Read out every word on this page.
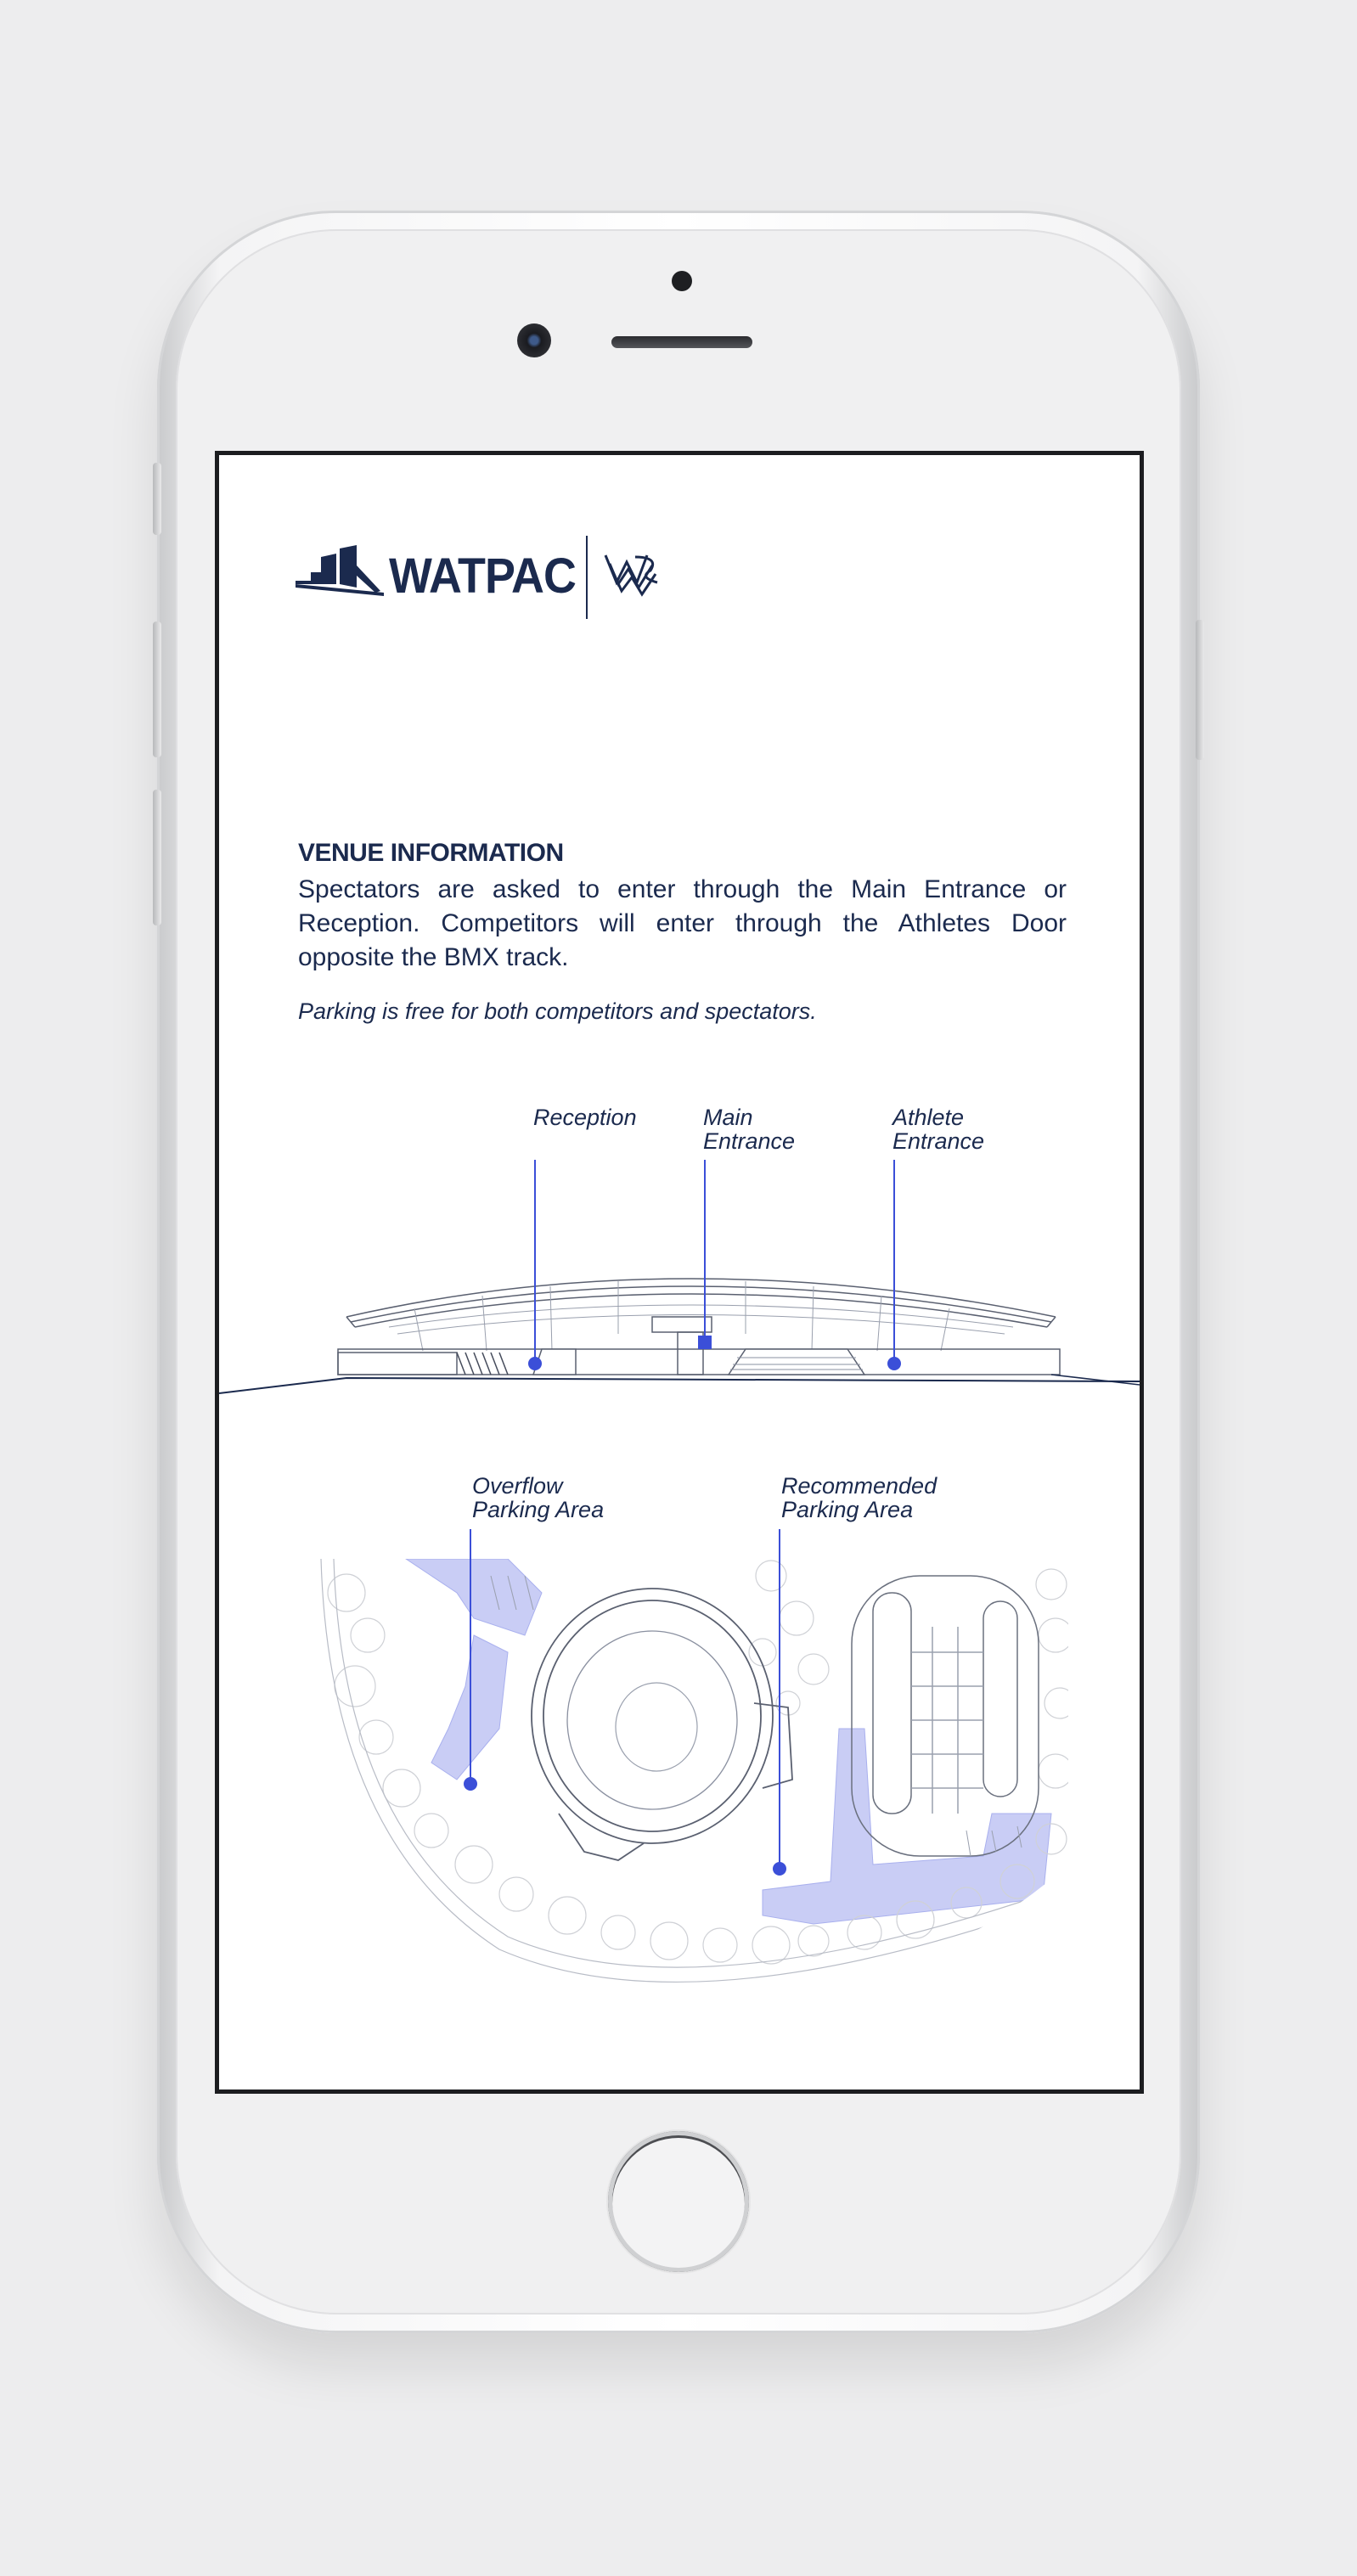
WATPAC
VENUE INFORMATION
Spectators are asked to enter through the Main Entrance or Reception. Competitors will enter through the Athletes Door opposite the BMX track.
Parking is free for both competitors and spectators.
Reception	Main
Entrance
Athlete
Entrance
Overflow
Parking Area
Recommended
Parking Area
